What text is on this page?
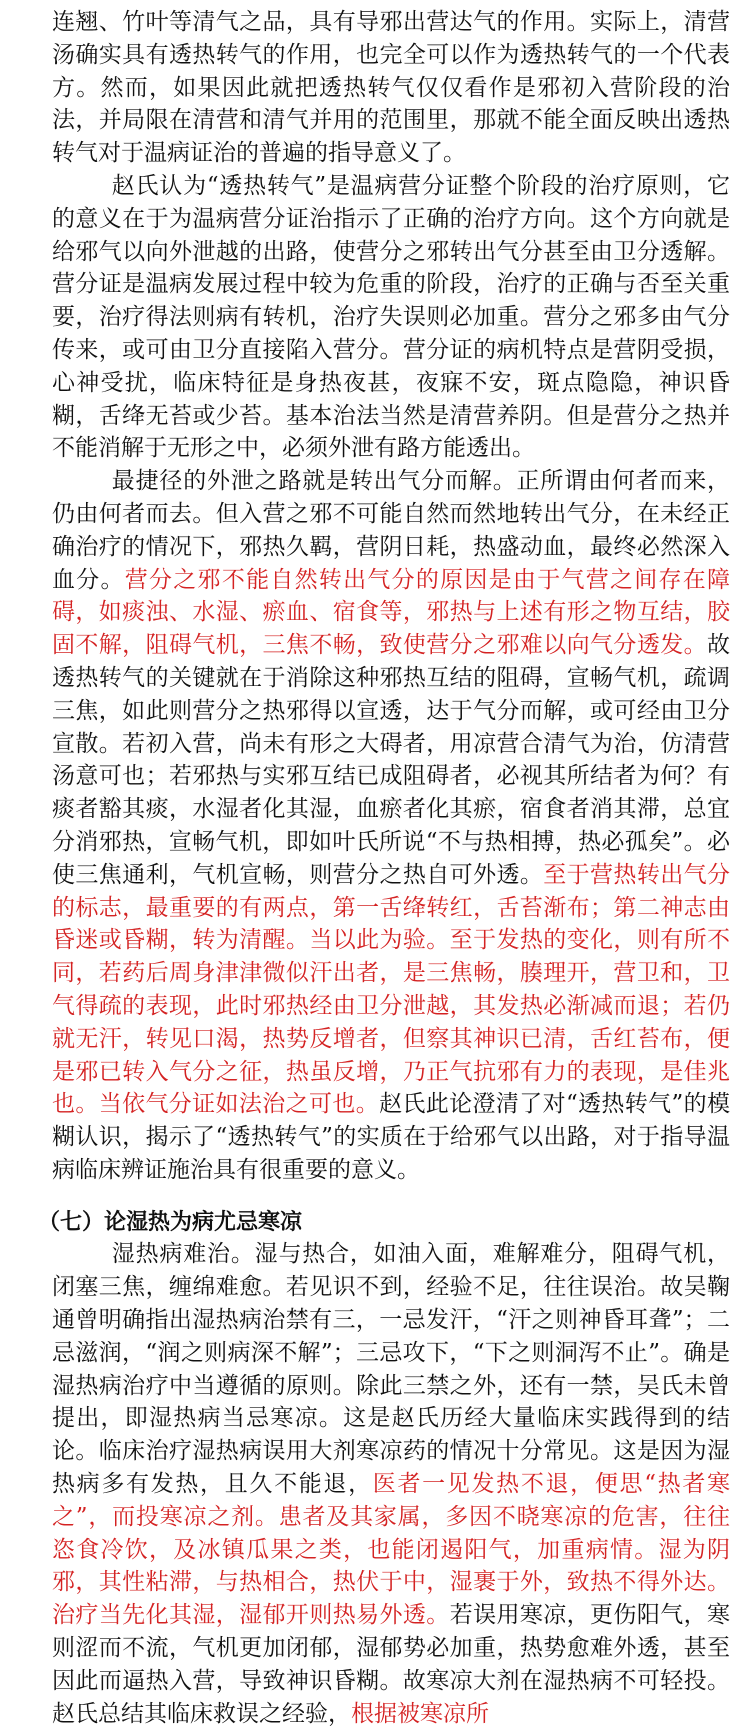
连翘、竹叶等清气之品，具有导邪出营达气的作用。实际上，清营汤确实具有透热转气的作用，也完全可以作为透热转气的一个代表方。然而，如果因此就把透热转气仅仅看作是邪初入营阶段的治法，并局限在清营和清气并用的范围里，那就不能全面反映出透热转气对于温病证治的普遍的指导意义了。

赵氏认为“透热转气”是温病营分证整个阶段的治疗原则，它的意义在于为温病营分证治指示了正确的治疗方向。这个方向就是给邪气以向外泄越的出路，使营分之邪转出气分甚至由卫分透解。营分证是温病发展过程中较为危重的阶段，治疗的正确与否至关重要，治疗得法则病有转机，治疗失误则必加重。营分之邪多由气分传来，或可由卫分直接陷入营分。营分证的病机特点是营阴受损，心神受扰，临床特征是身热夜甚，夜寐不安，斑点隐隐，神识昏糊，舌绛无苔或少苔。基本治法当然是清营养阴。但是营分之热并不能消解于无形之中，必须外泄有路方能透出。

最捷径的外泄之路就是转出气分而解。正所谓由何者而来，仍由何者而去。但入营之邪不可能自然而然地转出气分，在未经正确治疗的情况下，邪热久羁，营阴日耗，热盛动血，最终必然深入血分。营分之邪不能自然转出气分的原因是由于气营之间存在障碍，如痰浊、水湿、瘀血、宿食等，邪热与上述有形之物互结，胶固不解，阻碍气机，三焦不畅，致使营分之邪难以向气分透发。故透热转气的关键就在于消除这种邪热互结的阻碍，宣畅气机，疏调三焦，如此则营分之热邪得以宣透，达于气分而解，或可经由卫分宣散。若初入营，尚未有形之大碍者，用凉营合清气为治，仿清营汤意可也；若邪热与实邪互结已成阻碍者，必视其所结者为何？有痰者豁其痰，水湿者化其湿，血瘀者化其瘀，宿食者消其滞，总宜分消邪热，宣畅气机，即如叶氏所说“不与热相搏，热必孤矣”。必使三焦通利，气机宣畅，则营分之热自可外透。至于营热转出气分的标志，最重要的有两点，第一舌绛转红，舌苔渐布；第二神志由昏迷或昏糊，转为清醒。当以此为验。至于发热的变化，则有所不同，若药后周身津津微似汗出者，是三焦畅，腠理开，营卫和，卫气得疏的表现，此时邪热经由卫分泄越，其发热必渐减而退；若仍就无汗，转见口渴，热势反增者，但察其神识已清，舌红苔布，便是邪已转入气分之征，热虽反增，乃正气抗邪有力的表现，是佳兆也。当依气分证如法治之可也。赵氏此论澄清了对“透热转气”的模糊认识，揭示了“透热转气”的实质在于给邪气以出路，对于指导温病临床辨证施治具有很重要的意义。

（七）论湿热为病尤忌寒凉

湿热病难治。湿与热合，如油入面，难解难分，阻碍气机，闭塞三焦，缠绵难愈。若见识不到，经验不足，往往误治。故吴鞠通曾明确指出湿热病治禁有三，一忌发汗，“汗之则神昏耳聋”；二忌滋润，“润之则病深不解”；三忌攻下，“下之则洞泻不止”。确是湿热病治疗中当遵循的原则。除此三禁之外，还有一禁，吴氏未曾提出，即湿热病当忌寒凉。这是赵氏历经大量临床实践得到的结论。临床治疗湿热病误用大剂寒凉药的情况十分常见。这是因为湿热病多有发热，且久不能退，医者一见发热不退，便思“热者寒之”，而投寒凉之剂。患者及其家属，多因不晓寒凉的危害，往往恣食冷饮，及冰镇瓜果之类，也能闭遏阳气，加重病情。湿为阴邪，其性粘滞，与热相合，热伏于中，湿裹于外，致热不得外达。治疗当先化其湿，湿郁开则热易外透。若误用寒凉，更伤阳气，寒则涩而不流，气机更加闭郁，湿郁势必加重，热势愈难外透，甚至因此而逼热入营，导致神识昏糊。故寒凉大剂在湿热病不可轻投。赵氏总结其临床救误之经验，根据被寒凉所
